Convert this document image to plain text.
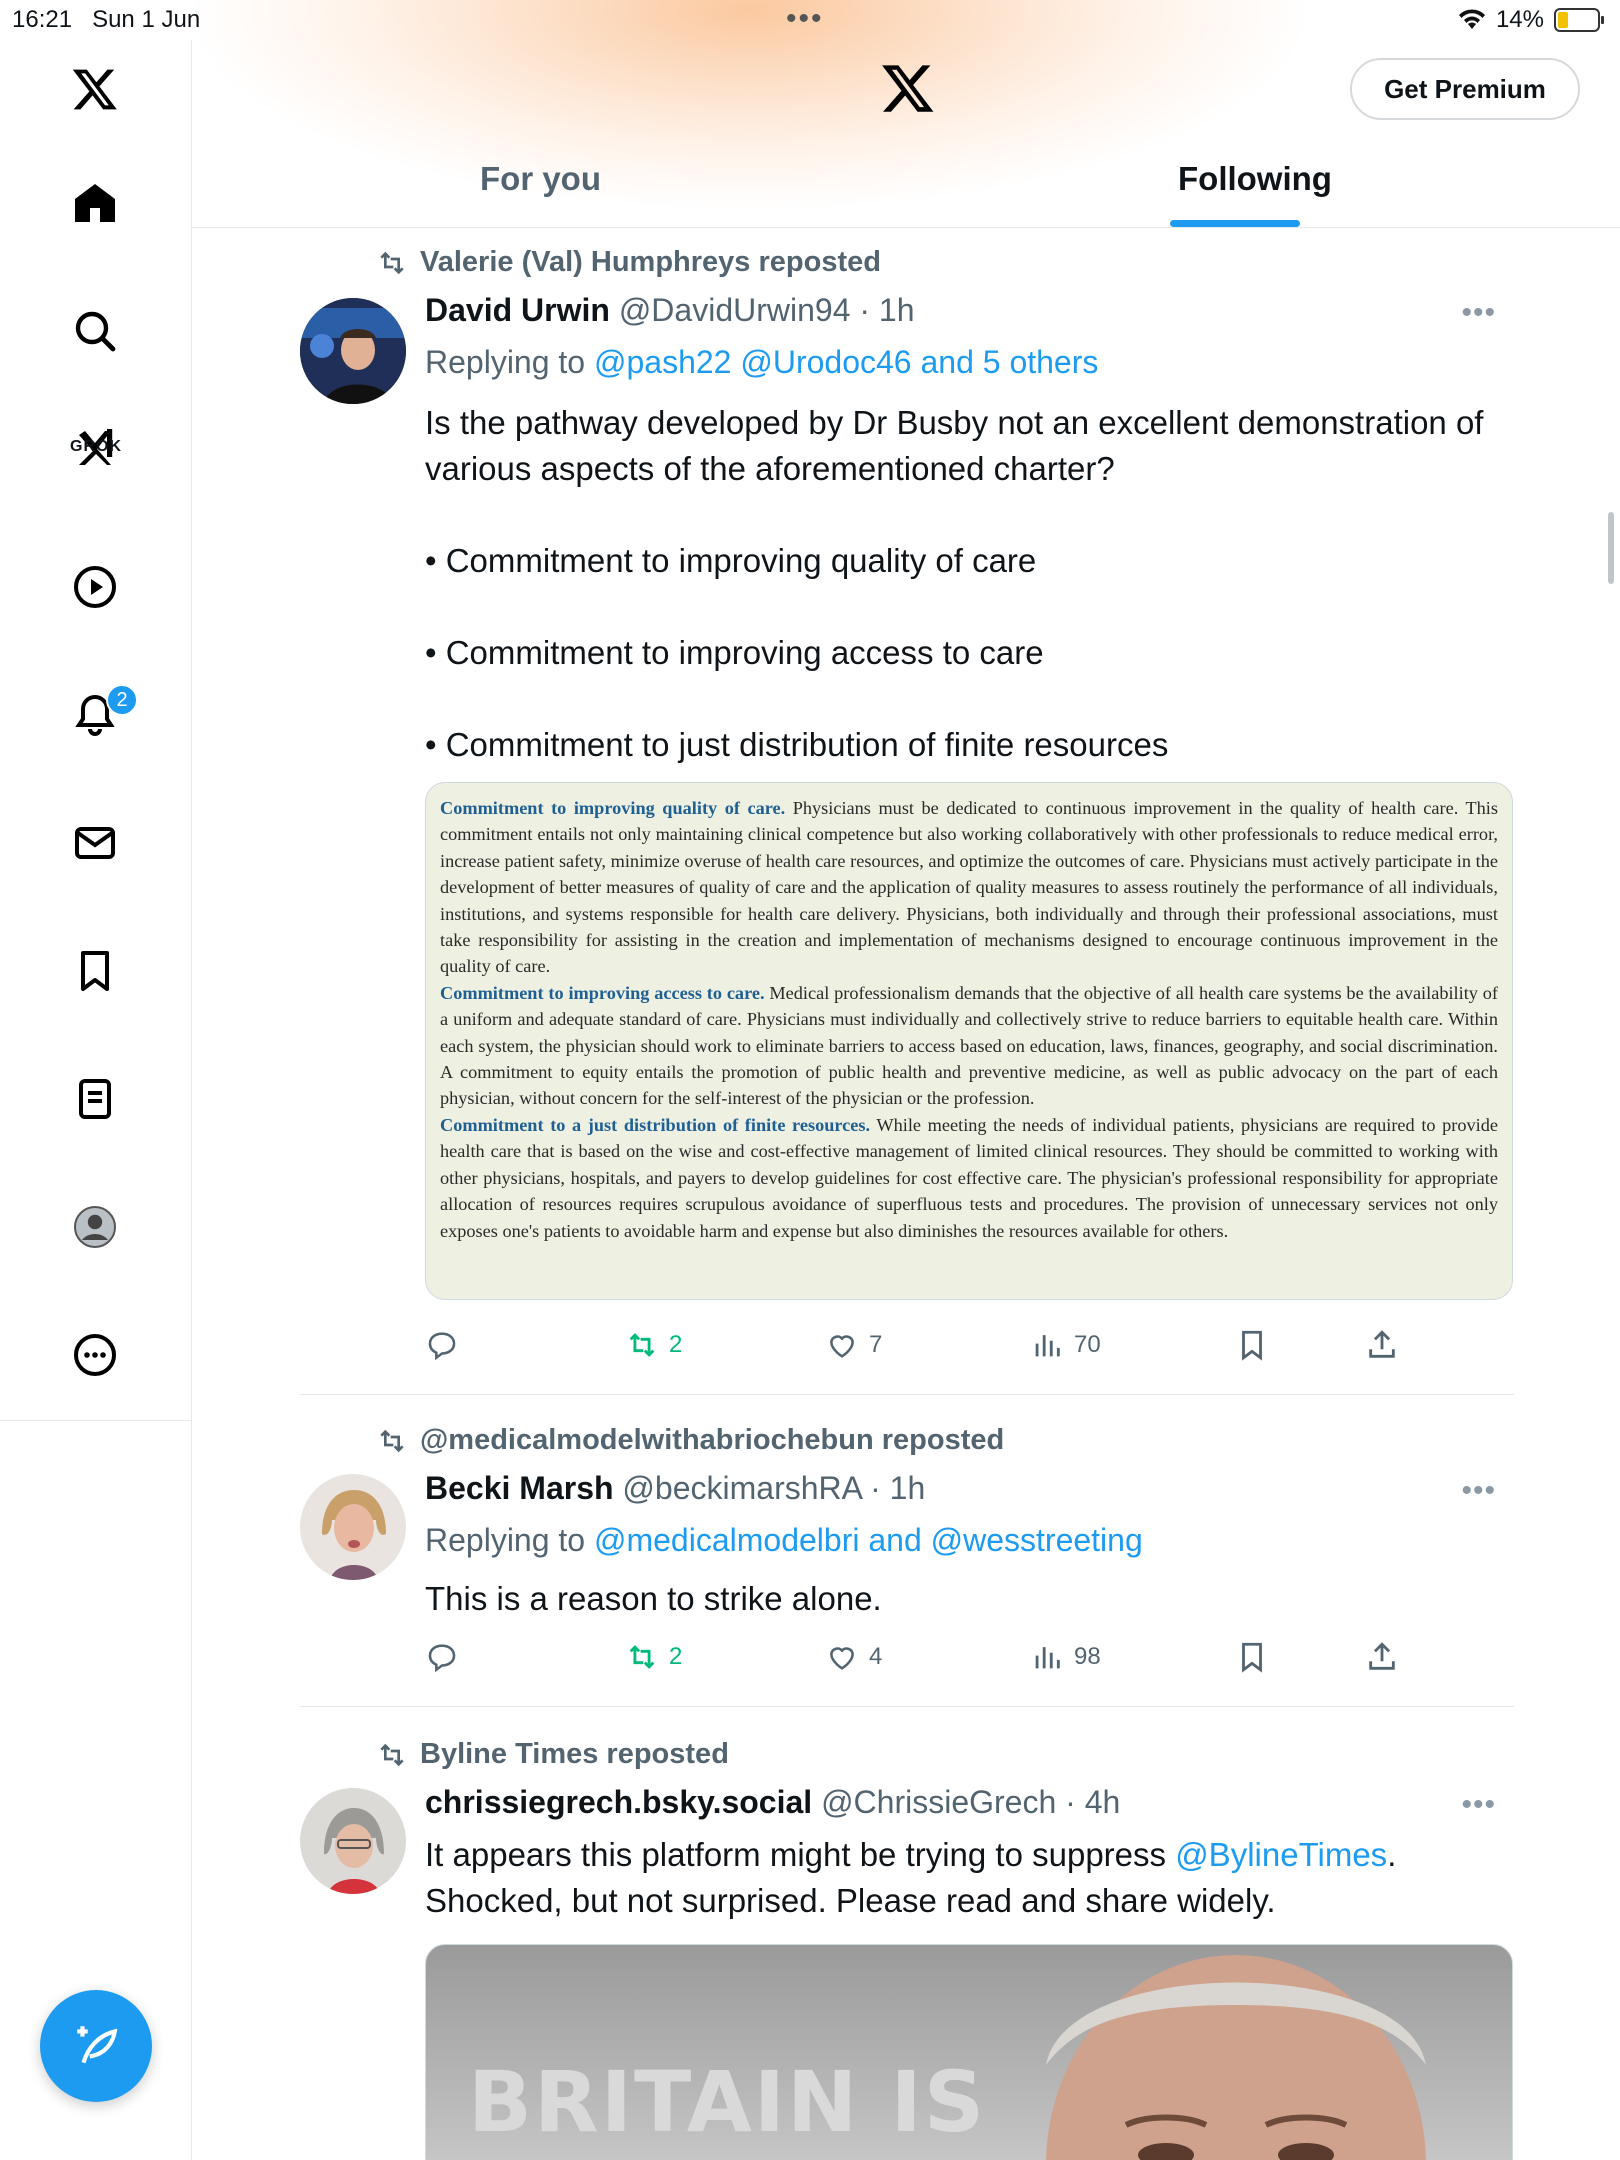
16:21 Sun 1 Jun	•••	14%
GROK
2
Get Premium
For you	Following
Valerie (Val) Humphreys reposted
David Urwin @DavidUrwin94 · 1h	•••
Replying to @pash22 @Urodoc46 and 5 others
Is the pathway developed by Dr Busby not an excellent demonstration of various aspects of the aforementioned charter?
• Commitment to improving quality of care
• Commitment to improving access to care
• Commitment to just distribution of finite resources

Commitment to improving quality of care. Physicians must be dedicated to continuous improvement in the quality of health care. This commitment entails not only maintaining clinical competence but also working collaboratively with other professionals to reduce medical error, increase patient safety, minimize overuse of health care resources, and optimize the outcomes of care. Physicians must actively participate in the development of better measures of quality of care and the application of quality measures to assess routinely the performance of all individuals, institutions, and systems responsible for health care delivery. Physicians, both individually and through their professional associations, must take responsibility for assisting in the creation and implementation of mechanisms designed to encourage continuous improvement in the quality of care.

Commitment to improving access to care. Medical professionalism demands that the objective of all health care systems be the availability of a uniform and adequate standard of care. Physicians must individually and collectively strive to reduce barriers to equitable health care. Within each system, the physician should work to eliminate barriers to access based on education, laws, finances, geography, and social discrimination. A commitment to equity entails the promotion of public health and preventive medicine, as well as public advocacy on the part of each physician, without concern for the self-interest of the physician or the profession.

Commitment to a just distribution of finite resources. While meeting the needs of individual patients, physicians are required to provide health care that is based on the wise and cost-effective management of limited clinical resources. They should be committed to working with other physicians, hospitals, and payers to develop guidelines for cost effective care. The physician's professional responsibility for appropriate allocation of resources requires scrupulous avoidance of superfluous tests and procedures. The provision of unnecessary services not only exposes one's patients to avoidable harm and expense but also diminishes the resources available for others.

2	7	70
@medicalmodelwithabriochebun reposted
Becki Marsh @beckimarshRA · 1h	•••
Replying to @medicalmodelbri and @wesstreeting
This is a reason to strike alone.
2	4	98
Byline Times reposted
chrissiegrech.bsky.social @ChrissieGrech · 4h	•••
It appears this platform might be trying to suppress @BylineTimes.
Shocked, but not surprised. Please read and share widely.
BRITAIN IS
